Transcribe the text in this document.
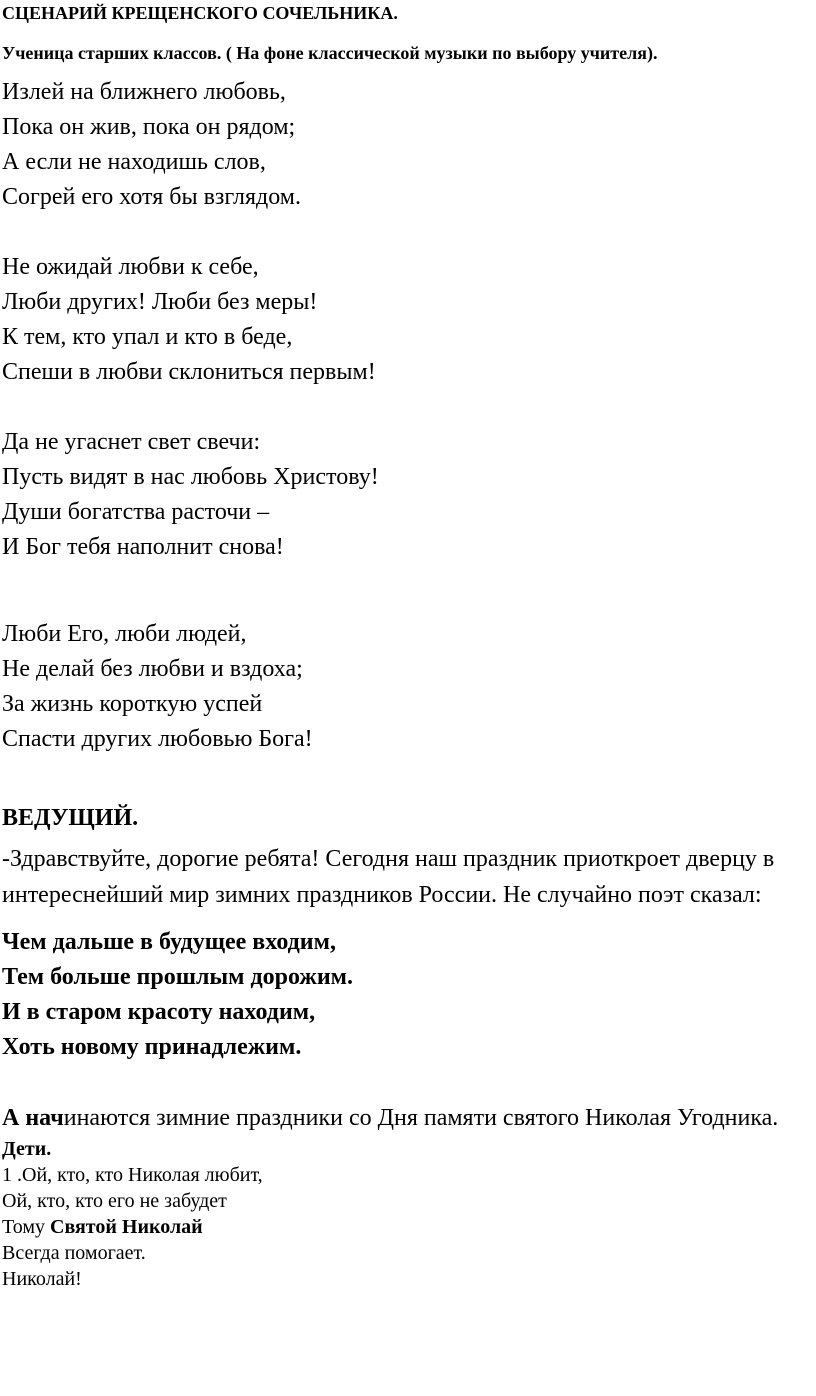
СЦЕНАРИЙ КРЕЩЕНСКОГО СОЧЕЛЬНИКА.

Ученица старших классов. ( На фоне классической музыки по выбору учителя).

Излей на ближнего любовь,
Пока он жив, пока он рядом;
А если не находишь слов,
Согрей его хотя бы взглядом.

Не ожидай любви к себе,
Люби других! Люби без меры!
К тем, кто упал и кто в беде,
Спеши в любви склониться первым!

Да не угаснет свет свечи:
Пусть видят в нас любовь Христову!
Души богатства расточи –
И Бог тебя наполнит снова!

Люби Его, люби людей,
Не делай без любви и вздоха;
За жизнь короткую успей
Спасти других любовью Бога!

ВЕДУЩИЙ.

-Здравствуйте, дорогие ребята! Сегодня наш праздник приоткроет дверцу в интереснейший мир зимних праздников России. Не случайно поэт сказал:

Чем дальше в будущее входим,
Тем больше прошлым дорожим.
И в старом красоту находим,
Хоть новому принадлежим.

А начинаются зимние праздники со Дня памяти святого Николая Угодника.

Дети.
1 .Ой, кто, кто Николая любит,
Ой, кто, кто его не забудет
Тому Святой Николай
Всегда помогает.
Николай!
